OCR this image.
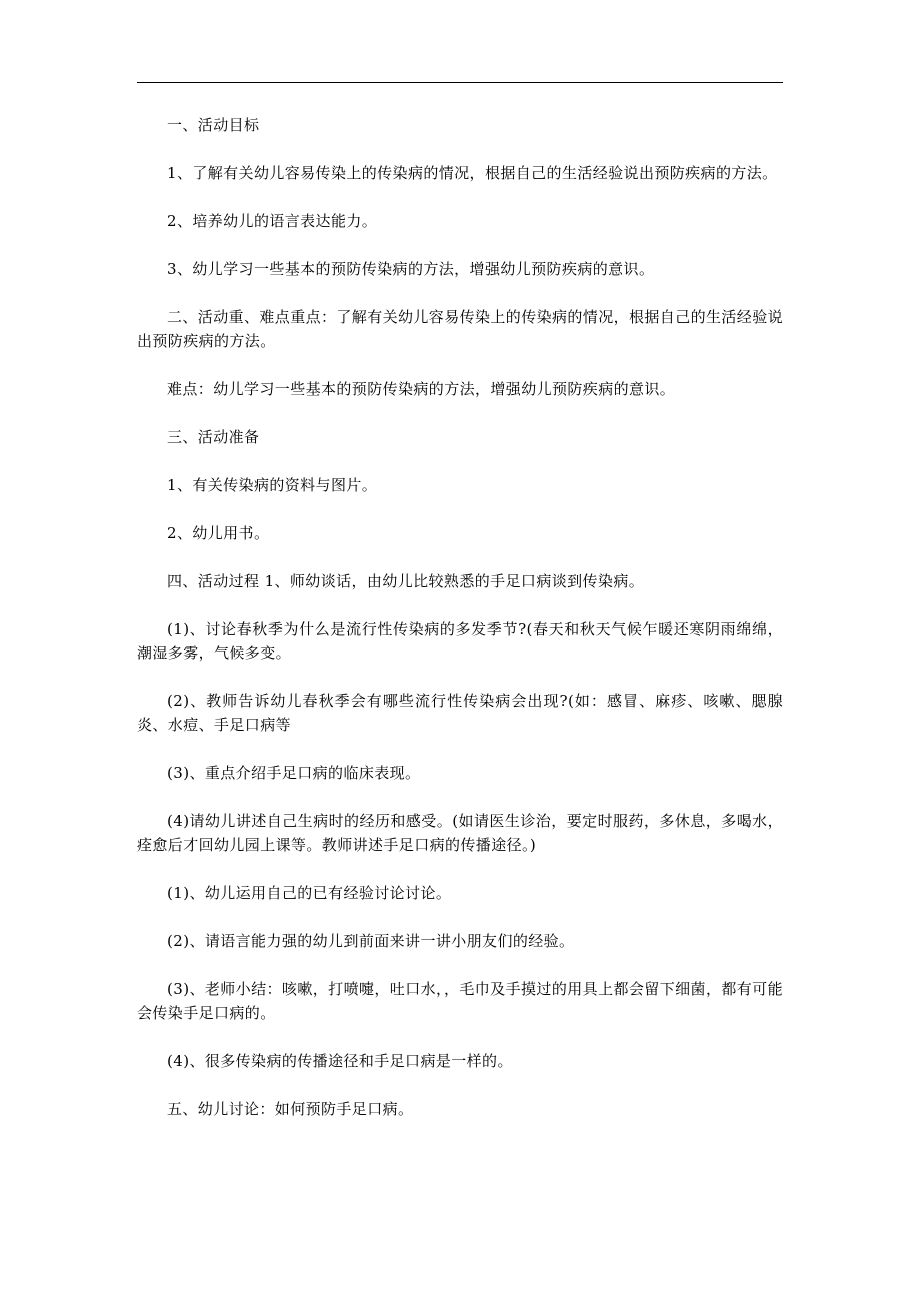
一、活动目标

1、了解有关幼儿容易传染上的传染病的情况，根据自己的生活经验说出预防疾病的方法。

2、培养幼儿的语言表达能力。

3、幼儿学习一些基本的预防传染病的方法，增强幼儿预防疾病的意识。

二、活动重、难点重点：了解有关幼儿容易传染上的传染病的情况，根据自己的生活经验说出预防疾病的方法。

难点：幼儿学习一些基本的预防传染病的方法，增强幼儿预防疾病的意识。

三、活动准备

1、有关传染病的资料与图片。

2、幼儿用书。

四、活动过程 1、师幼谈话，由幼儿比较熟悉的手足口病谈到传染病。

(1)、讨论春秋季为什么是流行性传染病的多发季节?(春天和秋天气候乍暖还寒阴雨绵绵，潮湿多雾，气候多变。

(2)、教师告诉幼儿春秋季会有哪些流行性传染病会出现?(如：感冒、麻疹、咳嗽、腮腺炎、水痘、手足口病等

(3)、重点介绍手足口病的临床表现。

(4)请幼儿讲述自己生病时的经历和感受。(如请医生诊治，要定时服药，多休息，多喝水，痊愈后才回幼儿园上课等。教师讲述手足口病的传播途径。)

(1)、幼儿运用自己的已有经验讨论讨论。

(2)、请语言能力强的幼儿到前面来讲一讲小朋友们的经验。

(3)、老师小结：咳嗽，打喷嚏，吐口水，，毛巾及手摸过的用具上都会留下细菌，都有可能会传染手足口病的。

(4)、很多传染病的传播途径和手足口病是一样的。

五、幼儿讨论：如何预防手足口病。
